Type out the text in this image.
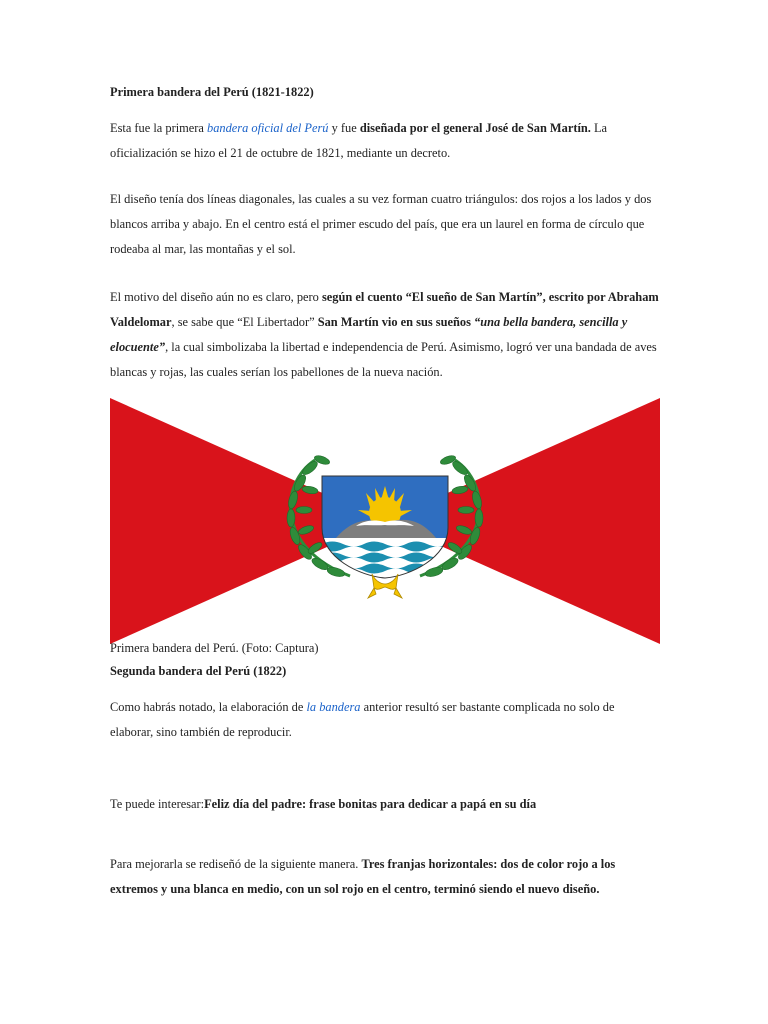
Primera bandera del Perú (1821-1822)

Esta fue la primera bandera oficial del Perú y fue diseñada por el general José de San Martín. La oficialización se hizo el 21 de octubre de 1821, mediante un decreto.

El diseño tenía dos líneas diagonales, las cuales a su vez forman cuatro triángulos: dos rojos a los lados y dos blancos arriba y abajo. En el centro está el primer escudo del país, que era un laurel en forma de círculo que rodeaba al mar, las montañas y el sol.

El motivo del diseño aún no es claro, pero según el cuento “El sueño de San Martín”, escrito por Abraham Valdelomar, se sabe que “El Libertador” San Martín vio en sus sueños “una bella bandera, sencilla y elocuente”, la cual simbolizaba la libertad e independencia de Perú. Asimismo, logró ver una bandada de aves blancas y rojas, las cuales serían los pabellones de la nueva nación.

Segunda bandera del Perú (1822)

Como habrás notado, la elaboración de la bandera anterior resultó ser bastante complicada no solo de elaborar, sino también de reproducir.

Te puede interesar:Feliz día del padre: frase bonitas para dedicar a papá en su día

Para mejorarla se rediseñó de la siguiente manera. Tres franjas horizontales: dos de color rojo a los extremos y una blanca en medio, con un sol rojo en el centro, terminó siendo el nuevo diseño.

Primera bandera del Perú. (Foto: Captura)
